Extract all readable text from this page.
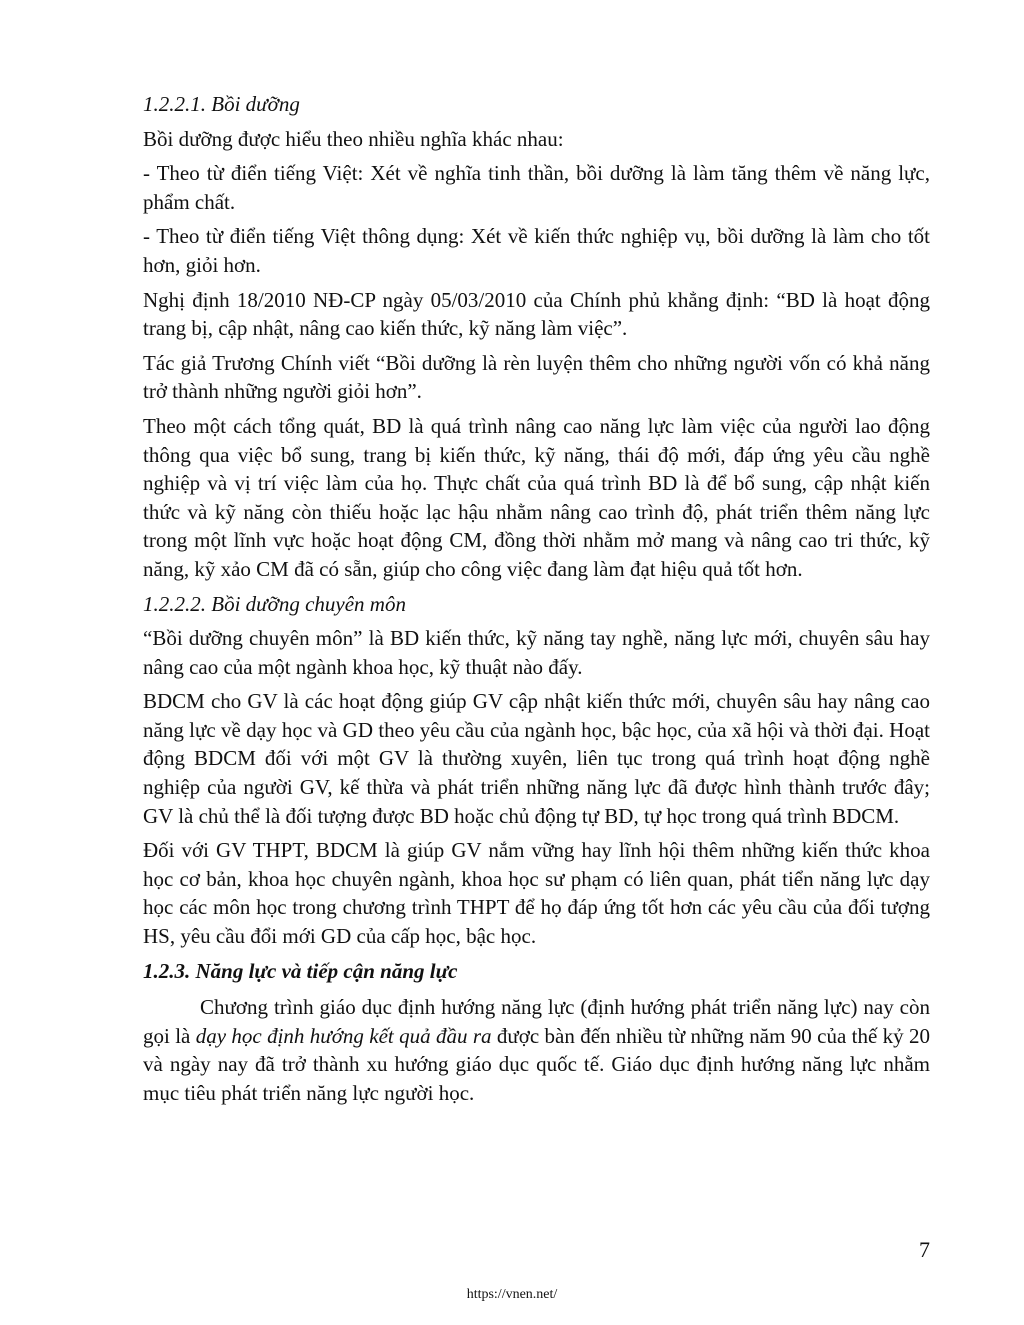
1.2.2.1. Bồi dưỡng

Bồi dưỡng được hiểu theo nhiều nghĩa khác nhau:

- Theo từ điển tiếng Việt: Xét về nghĩa tinh thần, bồi dưỡng là làm tăng thêm về năng lực, phẩm chất.

- Theo từ điển tiếng Việt thông dụng: Xét về kiến thức nghiệp vụ, bồi dưỡng là làm cho tốt hơn, giỏi hơn.

Nghị định 18/2010 NĐ-CP ngày 05/03/2010 của Chính phủ khẳng định: “BD là hoạt động trang bị, cập nhật, nâng cao kiến thức, kỹ năng làm việc”.

Tác giả Trương Chính viết “Bồi dưỡng là rèn luyện thêm cho những người vốn có khả năng trở thành những người giỏi hơn”.

Theo một cách tổng quát, BD là quá trình nâng cao năng lực làm việc của người lao động thông qua việc bổ sung, trang bị kiến thức, kỹ năng, thái độ mới, đáp ứng yêu cầu nghề nghiệp và vị trí việc làm của họ. Thực chất của quá trình BD là để bổ sung, cập nhật kiến thức và kỹ năng còn thiếu hoặc lạc hậu nhằm nâng cao trình độ, phát triển thêm năng lực trong một lĩnh vực hoặc hoạt động CM, đồng thời nhằm mở mang và nâng cao tri thức, kỹ năng, kỹ xảo CM đã có sẵn, giúp cho công việc đang làm đạt hiệu quả tốt hơn.

1.2.2.2. Bồi dưỡng chuyên môn

“Bồi dưỡng chuyên môn” là BD kiến thức, kỹ năng tay nghề, năng lực mới, chuyên sâu hay nâng cao của một ngành khoa học, kỹ thuật nào đấy.

BDCM cho GV là các hoạt động giúp GV cập nhật kiến thức mới, chuyên sâu hay nâng cao năng lực về dạy học và GD theo yêu cầu của ngành học, bậc học, của xã hội và thời đại. Hoạt động BDCM đối với một GV là thường xuyên, liên tục trong quá trình hoạt động nghề nghiệp của người GV, kế thừa và phát triển những năng lực đã được hình thành trước đây; GV là chủ thể là đối tượng được BD hoặc chủ động tự BD, tự học trong quá trình BDCM.

Đối với GV THPT, BDCM là giúp GV nắm vững hay lĩnh hội thêm những kiến thức khoa học cơ bản, khoa học chuyên ngành, khoa học sư phạm có liên quan, phát tiển năng lực dạy học các môn học trong chương trình THPT để họ đáp ứng tốt hơn các yêu cầu của đối tượng HS, yêu cầu đổi mới GD của cấp học, bậc học.

1.2.3. Năng lực và tiếp cận năng lực

Chương trình giáo dục định hướng năng lực (định hướng phát triển năng lực) nay còn gọi là dạy học định hướng kết quả đầu ra được bàn đến nhiều từ những năm 90 của thế kỷ 20 và ngày nay đã trở thành xu hướng giáo dục quốc tế. Giáo dục định hướng năng lực nhằm mục tiêu phát triển năng lực người học.

7
https://vnen.net/
